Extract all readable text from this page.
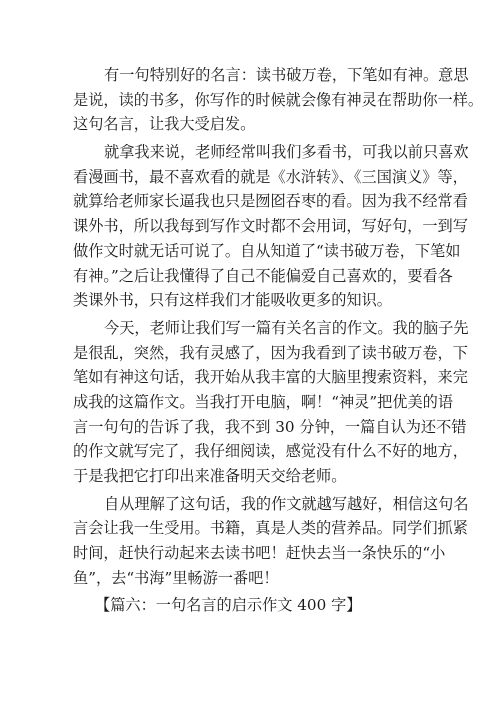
有一句特别好的名言：读书破万卷，下笔如有神。意思
是说，读的书多，你写作的时候就会像有神灵在帮助你一样。
这句名言，让我大受启发。
就拿我来说，老师经常叫我们多看书，可我以前只喜欢
看漫画书，最不喜欢看的就是《水浒转》、《三国演义》等，
就算给老师家长逼我也只是囫囵吞枣的看。因为我不经常看
课外书，所以我每到写作文时都不会用词，写好句，一到写
做作文时就无话可说了。自从知道了“读书破万卷，下笔如
有神。”之后让我懂得了自己不能偏爱自己喜欢的，要看各
类课外书，只有这样我们才能吸收更多的知识。
今天，老师让我们写一篇有关名言的作文。我的脑子先
是很乱，突然，我有灵感了，因为我看到了读书破万卷，下
笔如有神这句话，我开始从我丰富的大脑里搜索资料，来完
成我的这篇作文。当我打开电脑，啊！“神灵”把优美的语
言一句句的告诉了我，我不到 30 分钟，一篇自认为还不错
的作文就写完了，我仔细阅读，感觉没有什么不好的地方，
于是我把它打印出来准备明天交给老师。
自从理解了这句话，我的作文就越写越好，相信这句名
言会让我一生受用。书籍，真是人类的营养品。同学们抓紧
时间，赶快行动起来去读书吧！赶快去当一条快乐的“小
鱼”，去“书海”里畅游一番吧！
【篇六：一句名言的启示作文 400 字】
